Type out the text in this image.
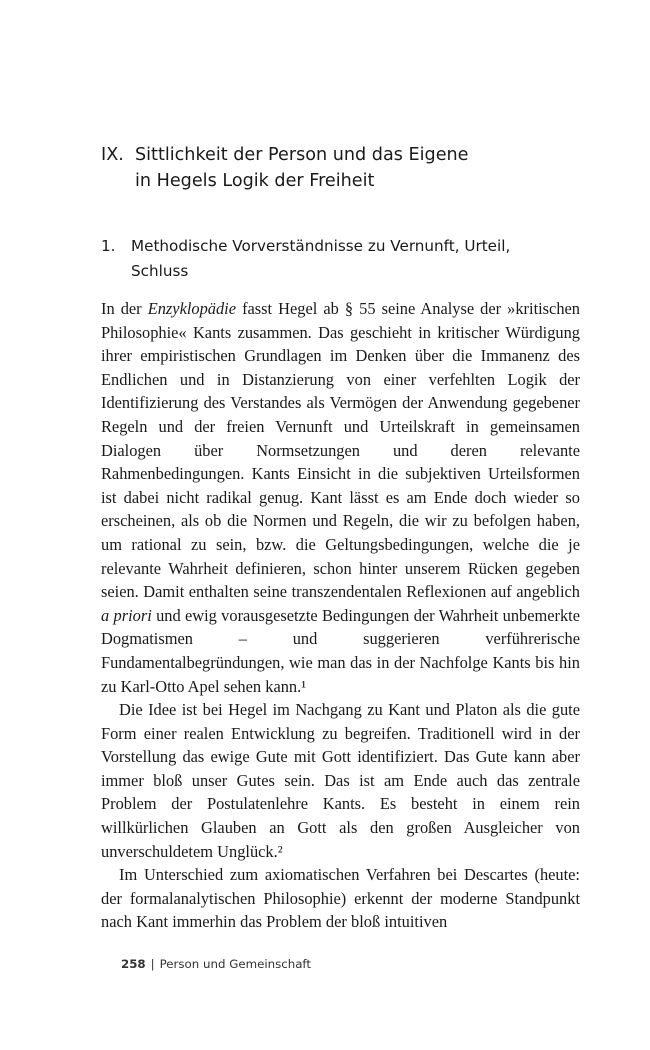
IX. Sittlichkeit der Person und das Eigene
in Hegels Logik der Freiheit
1.	Methodische Vorverständnisse zu Vernunft, Urteil,
Schluss

In der Enzyklopädie fasst Hegel ab § 55 seine Analyse der »kritischen Philosophie« Kants zusammen. Das geschieht in kritischer Würdigung ihrer empiristischen Grundlagen im Denken über die Immanenz des Endlichen und in Distanzierung von einer verfehlten Logik der Identifizierung des Verstandes als Vermögen der Anwendung gegebener Regeln und der freien Vernunft und Urteilskraft in gemeinsamen Dialogen über Normsetzungen und deren relevante Rahmenbedingungen. Kants Einsicht in die subjektiven Urteilsformen ist dabei nicht radikal genug. Kant lässt es am Ende doch wieder so erscheinen, als ob die Normen und Regeln, die wir zu befolgen haben, um rational zu sein, bzw. die Geltungsbedingungen, welche die je relevante Wahrheit definieren, schon hinter unserem Rücken gegeben seien. Damit enthalten seine transzendentalen Reflexionen auf angeblich a priori und ewig vorausgesetzte Bedingungen der Wahrheit unbemerkte Dogmatismen – und suggerieren verführerische Fundamentalbegründungen, wie man das in der Nachfolge Kants bis hin zu Karl-Otto Apel sehen kann.¹

Die Idee ist bei Hegel im Nachgang zu Kant und Platon als die gute Form einer realen Entwicklung zu begreifen. Traditionell wird in der Vorstellung das ewige Gute mit Gott identifiziert. Das Gute kann aber immer bloß unser Gutes sein. Das ist am Ende auch das zentrale Problem der Postulatenlehre Kants. Es besteht in einem rein willkürlichen Glauben an Gott als den großen Ausgleicher von unverschuldetem Unglück.²

Im Unterschied zum axiomatischen Verfahren bei Descartes (heute: der formalanalytischen Philosophie) erkennt der moderne Standpunkt nach Kant immerhin das Problem der bloß intuitiven

258 | Person und Gemeinschaft
